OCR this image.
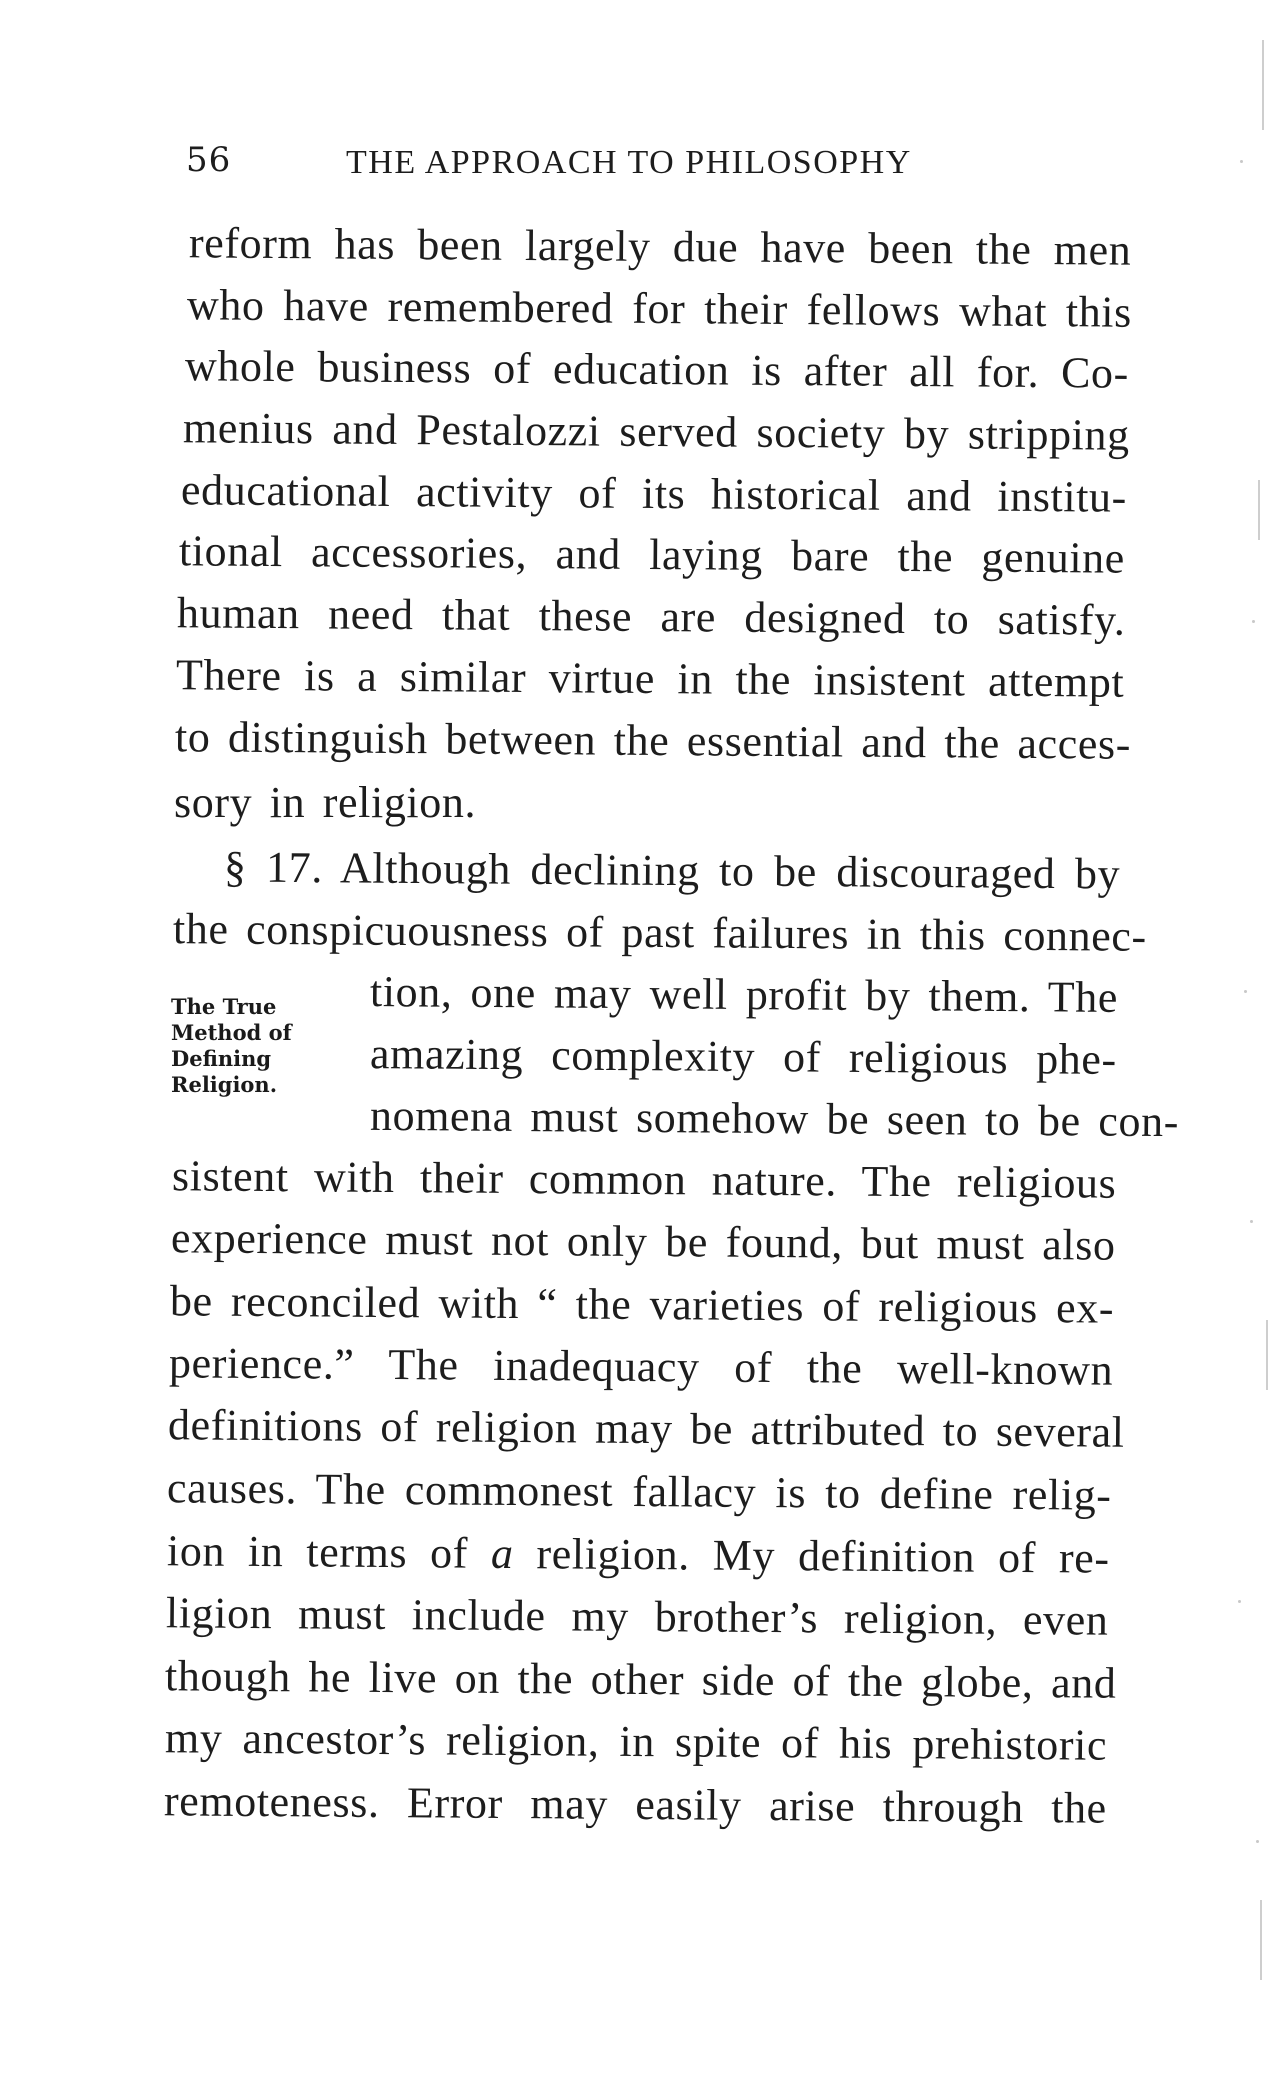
56	THE APPROACH TO PHILOSOPHY
reform has been largely due have been the men
who have remembered for their fellows what this
whole business of education is after all for. Co-
menius and Pestalozzi served society by stripping
educational activity of its historical and institu-
tional accessories, and laying bare the genuine
human need that these are designed to satisfy.
There is a similar virtue in the insistent attempt
to distinguish between the essential and the acces-
sory in religion.
§ 17. Although declining to be discouraged by
the conspicuousness of past failures in this connec-
tion, one may well profit by them. The
amazing complexity of religious phe-
nomena must somehow be seen to be con-
sistent with their common nature. The religious
experience must not only be found, but must also
be reconciled with “ the varieties of religious ex-
perience.” The inadequacy of the well-known
definitions of religion may be attributed to several
causes. The commonest fallacy is to define relig-
ion in terms of a religion. My definition of re-
ligion must include my brother’s religion, even
though he live on the other side of the globe, and
my ancestor’s religion, in spite of his prehistoric
remoteness. Error may easily arise through the
The True
Method of
Defining
Religion.
